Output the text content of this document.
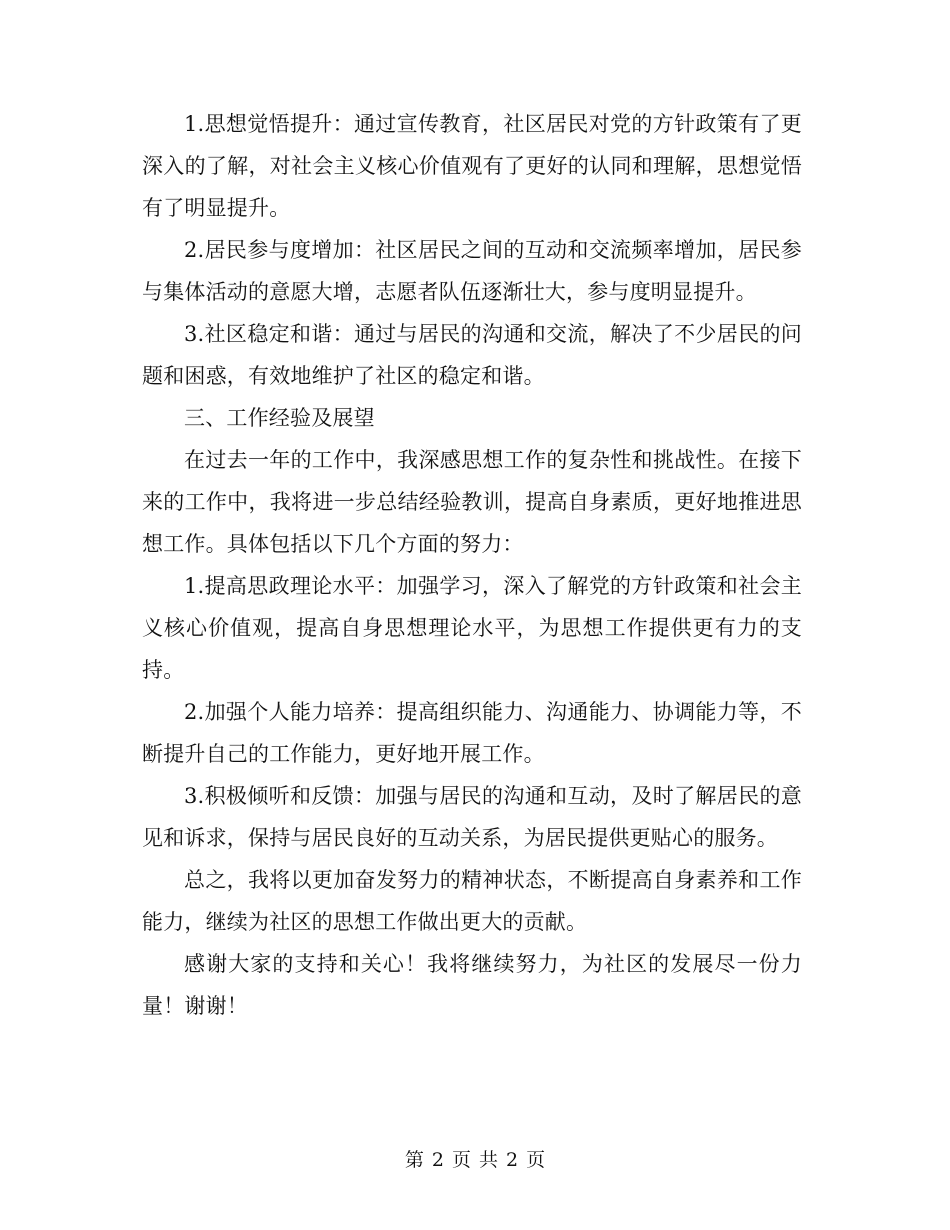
1.思想觉悟提升：通过宣传教育，社区居民对党的方针政策有了更深入的了解，对社会主义核心价值观有了更好的认同和理解，思想觉悟有了明显提升。

2.居民参与度增加：社区居民之间的互动和交流频率增加，居民参与集体活动的意愿大增，志愿者队伍逐渐壮大，参与度明显提升。

3.社区稳定和谐：通过与居民的沟通和交流，解决了不少居民的问题和困惑，有效地维护了社区的稳定和谐。

三、工作经验及展望

在过去一年的工作中，我深感思想工作的复杂性和挑战性。在接下来的工作中，我将进一步总结经验教训，提高自身素质，更好地推进思想工作。具体包括以下几个方面的努力：

1.提高思政理论水平：加强学习，深入了解党的方针政策和社会主义核心价值观，提高自身思想理论水平，为思想工作提供更有力的支持。

2.加强个人能力培养：提高组织能力、沟通能力、协调能力等，不断提升自己的工作能力，更好地开展工作。

3.积极倾听和反馈：加强与居民的沟通和互动，及时了解居民的意见和诉求，保持与居民良好的互动关系，为居民提供更贴心的服务。

总之，我将以更加奋发努力的精神状态，不断提高自身素养和工作能力，继续为社区的思想工作做出更大的贡献。

感谢大家的支持和关心！我将继续努力，为社区的发展尽一份力量！谢谢！

第 2 页 共 2 页
